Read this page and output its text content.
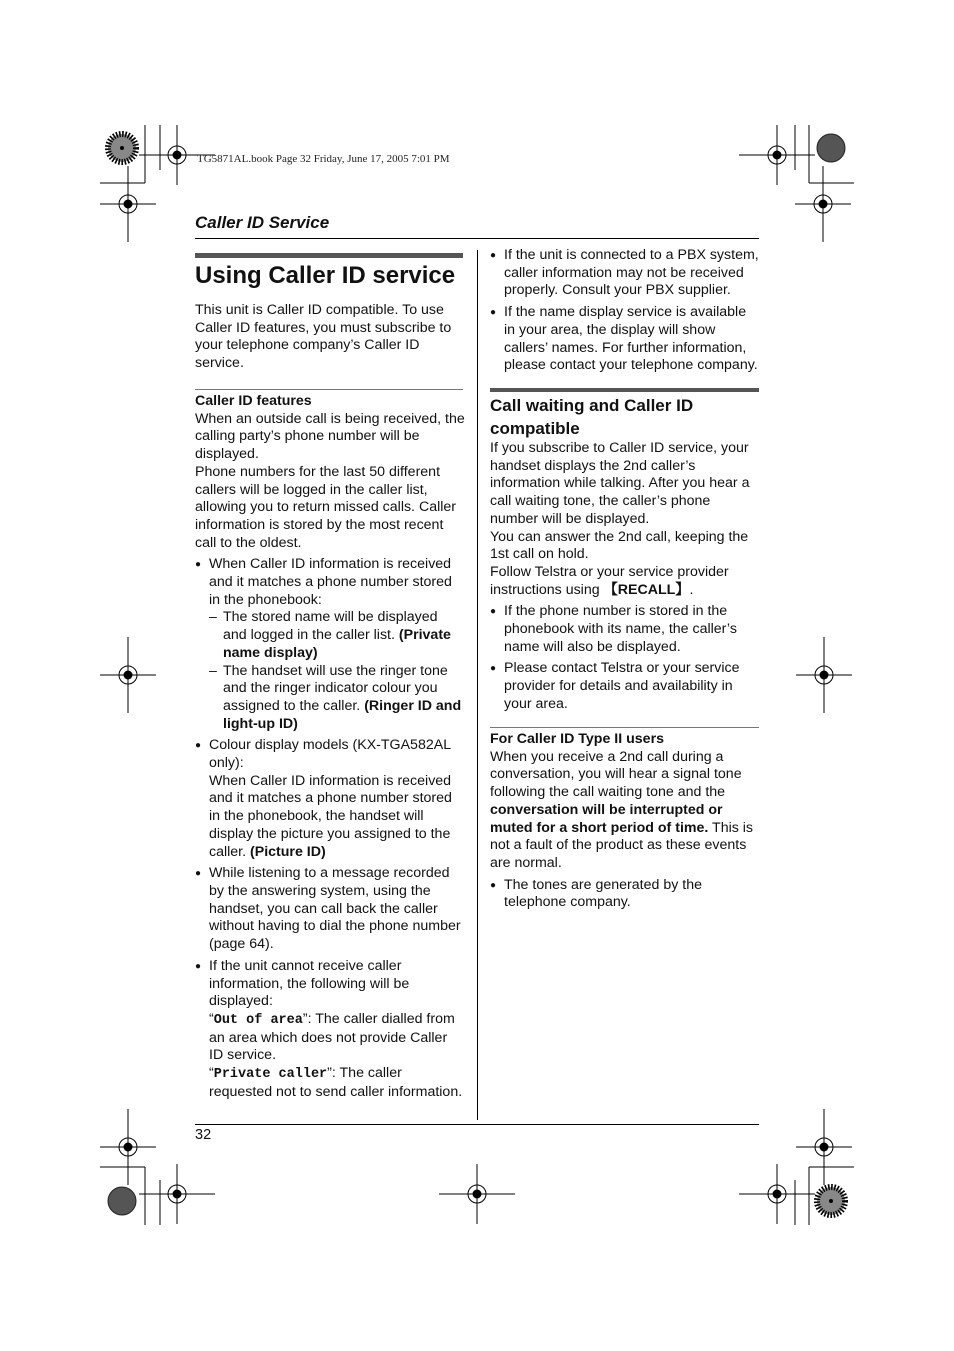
TG5871AL.book Page 32 Friday, June 17, 2005 7:01 PM
Caller ID Service
Using Caller ID service

This unit is Caller ID compatible. To use Caller ID features, you must subscribe to your telephone company’s Caller ID service.

Caller ID features

When an outside call is being received, the calling party’s phone number will be displayed.

Phone numbers for the last 50 different callers will be logged in the caller list, allowing you to return missed calls. Caller information is stored by the most recent call to the oldest.

● When Caller ID information is received and it matches a phone number stored in the phonebook:

– The stored name will be displayed and logged in the caller list. (Private name display)

– The handset will use the ringer tone and the ringer indicator colour you assigned to the caller. (Ringer ID and light-up ID)

● Colour display models (KX-TGA582AL only):

When Caller ID information is received and it matches a phone number stored in the phonebook, the handset will display the picture you assigned to the caller. (Picture ID)

● While listening to a message recorded by the answering system, using the handset, you can call back the caller without having to dial the phone number (page 64).

● If the unit cannot receive caller information, the following will be displayed:

“Out of area”: The caller dialled from an area which does not provide Caller ID service.

“Private caller”: The caller requested not to send caller information.

● If the unit is connected to a PBX system, caller information may not be received properly. Consult your PBX supplier.

● If the name display service is available in your area, the display will show callers’ names. For further information, please contact your telephone company.

Call waiting and Caller ID compatible

If you subscribe to Caller ID service, your handset displays the 2nd caller’s information while talking. After you hear a call waiting tone, the caller’s phone number will be displayed.

You can answer the 2nd call, keeping the 1st call on hold.

Follow Telstra or your service provider instructions using 【RECALL】.

● If the phone number is stored in the phonebook with its name, the caller’s name will also be displayed.

● Please contact Telstra or your service provider for details and availability in your area.

For Caller ID Type II users

When you receive a 2nd call during a conversation, you will hear a signal tone following the call waiting tone and the conversation will be interrupted or muted for a short period of time. This is not a fault of the product as these events are normal.

● The tones are generated by the telephone company.

32
